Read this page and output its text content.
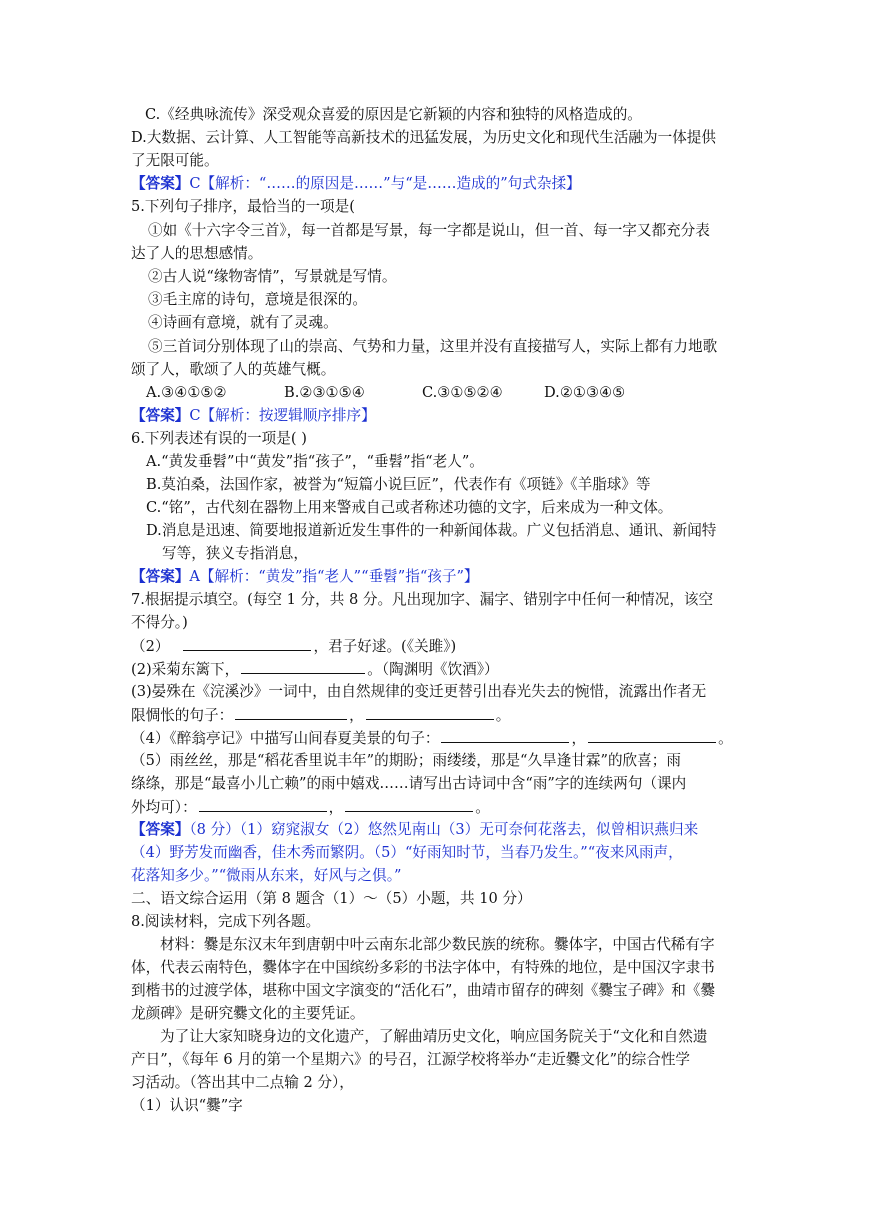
C.《经典咏流传》深受观众喜爱的原因是它新颖的内容和独特的风格造成的。
D.大数据、云计算、人工智能等高新技术的迅猛发展，为历史文化和现代生活融为一体提供
了无限可能。
【答案】C【解析：“……的原因是……”与“是……造成的”句式杂揉】
5.下列句子排序，最恰当的一项是(
①如《十六字令三首》，每一首都是写景，每一字都是说山，但一首、每一字又都充分表
达了人的思想感情。
②古人说“缘物寄情”，写景就是写情。
③毛主席的诗句，意境是很深的。
④诗画有意境，就有了灵魂。
⑤三首词分别体现了山的崇高、气势和力量，这里并没有直接描写人，实际上都有力地歌
颂了人，歌颂了人的英雄气概。
A.③④①⑤②	B.②③①⑤④	C.③①⑤②④	D.②①③④⑤
【答案】C【解析：按逻辑顺序排序】
6.下列表述有误的一项是( )
A.“黄发垂髫”中“黄发”指“孩子”，“垂髫”指“老人”。
B.莫泊桑，法国作家，被誉为“短篇小说巨匠”，代表作有《项链》《羊脂球》等
C.“铭”，古代刻在器物上用来警戒自己或者称述功德的文字，后来成为一种文体。
D.消息是迅速、简要地报道新近发生事件的一种新闻体裁。广义包括消息、通讯、新闻特
写等，狭义专指消息，
【答案】A【解析：“黄发”指“老人”“垂髫”指“孩子”】
7.根据提示填空。(每空 1 分，共 8 分。凡出现加字、漏字、错别字中任何一种情况，该空
不得分。)
（2）	，君子好逑。(《关雎》)
(2)采菊东篱下，	。（陶渊明《饮酒》）
(3)晏殊在《浣溪沙》一词中，由自然规律的变迁更替引出春光失去的惋惜，流露出作者无
限惆怅的句子：	，	。
（4）《醉翁亭记》中描写山间春夏美景的句子：	，	。
（5）雨丝丝，那是“稻花香里说丰年”的期盼；雨缕缕，那是“久旱逢甘霖”的欣喜；雨
绦绦，那是“最喜小儿亡赖”的雨中嬉戏……请写出古诗词中含“雨”字的连续两句（课内
外均可）：	，	。
【答案】（8 分）（1）窈窕淑女（2）悠然见南山（3）无可奈何花落去，似曾相识燕归来
（4）野芳发而幽香，佳木秀而繁阴。（5）“好雨知时节，当春乃发生。”“夜来风雨声，
花落知多少。”“微雨从东来，好风与之俱。”
二、语文综合运用（第 8 题含（1）～（5）小题，共 10 分）
8.阅读材料，完成下列各题。
材料：爨是东汉末年到唐朝中叶云南东北部少数民族的统称。爨体字，中国古代稀有字
体，代表云南特色，爨体字在中国缤纷多彩的书法字体中，有特殊的地位，是中国汉字隶书
到楷书的过渡学体，堪称中国文字演变的“活化石”，曲靖市留存的碑刻《爨宝子碑》和《爨
龙颜碑》是研究爨文化的主要凭证。
为了让大家知晓身边的文化遗产，了解曲靖历史文化，响应国务院关于“文化和自然遗
产日”，《每年 6 月的第一个星期六》的号召，江源学校将举办“走近爨文化”的综合性学
习活动。（答出其中二点输 2 分），
（1）认识“爨”字
